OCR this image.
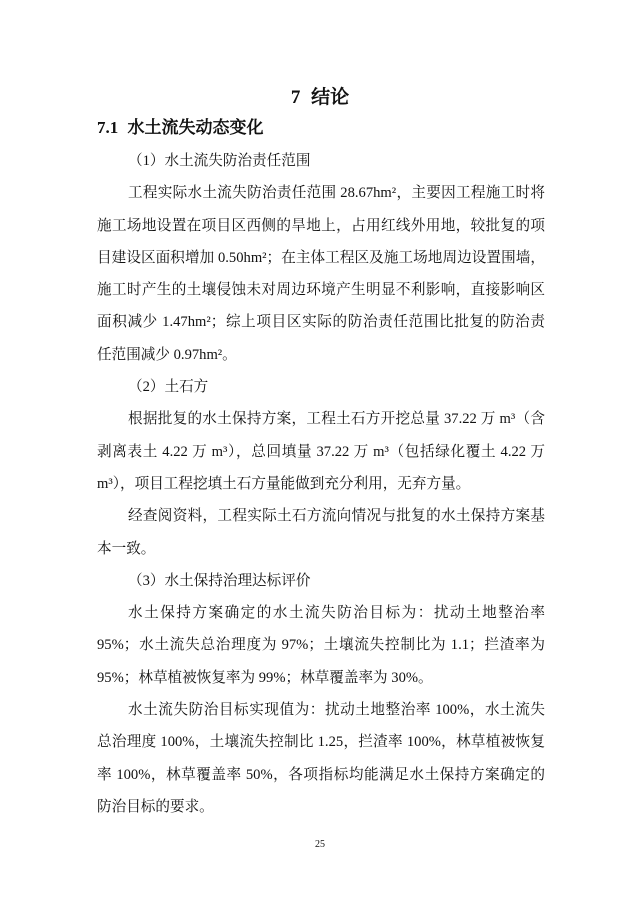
7 结论
7.1 水土流失动态变化
（1）水土流失防治责任范围
工程实际水土流失防治责任范围 28.67hm²，主要因工程施工时将
施工场地设置在项目区西侧的旱地上，占用红线外用地，较批复的项
目建设区面积增加 0.50hm²；在主体工程区及施工场地周边设置围墙，
施工时产生的土壤侵蚀未对周边环境产生明显不利影响，直接影响区
面积减少 1.47hm²；综上项目区实际的防治责任范围比批复的防治责
任范围减少 0.97hm²。
（2）土石方
根据批复的水土保持方案，工程土石方开挖总量 37.22 万 m³（含
剥离表土 4.22 万 m³），总回填量 37.22 万 m³（包括绿化覆土 4.22 万
m³），项目工程挖填土石方量能做到充分利用，无弃方量。
经查阅资料，工程实际土石方流向情况与批复的水土保持方案基
本一致。
（3）水土保持治理达标评价
水土保持方案确定的水土流失防治目标为：扰动土地整治率
95%；水土流失总治理度为 97%；土壤流失控制比为 1.1；拦渣率为
95%；林草植被恢复率为 99%；林草覆盖率为 30%。
水土流失防治目标实现值为：扰动土地整治率 100%，水土流失
总治理度 100%，土壤流失控制比 1.25，拦渣率 100%，林草植被恢复
率 100%，林草覆盖率 50%，各项指标均能满足水土保持方案确定的
防治目标的要求。
25
